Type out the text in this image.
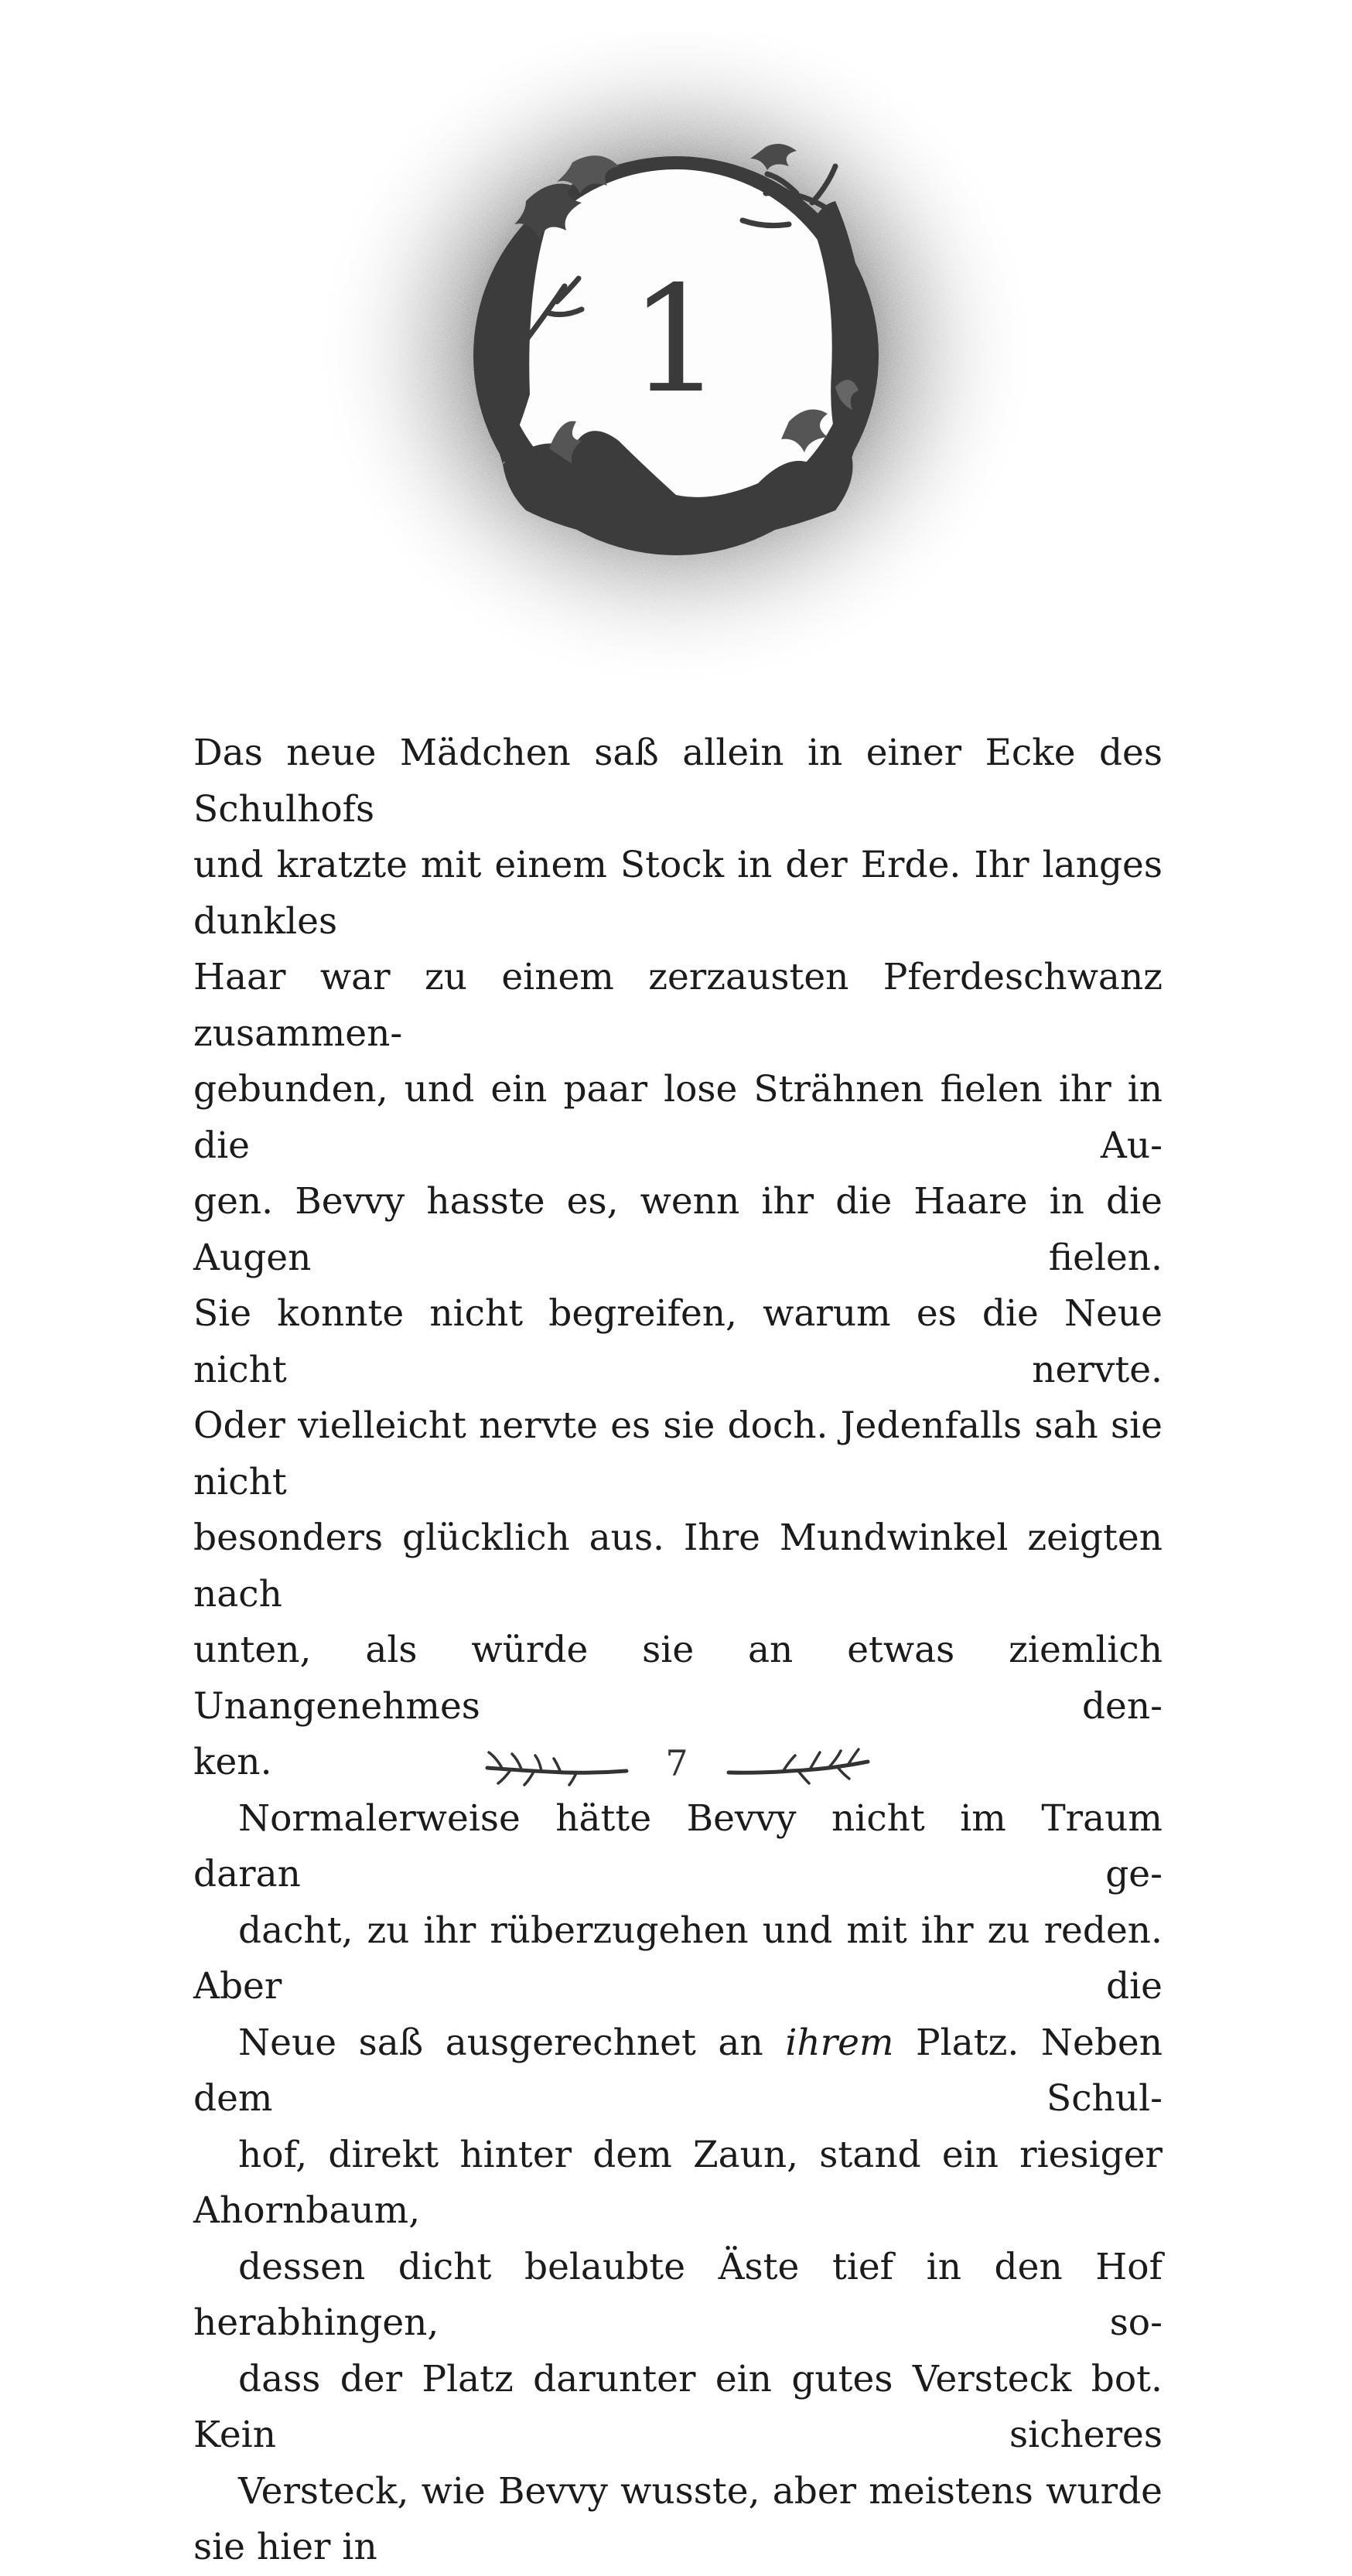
1

Das neue Mädchen saß allein in einer Ecke des Schulhofs
und kratzte mit einem Stock in der Erde. Ihr langes dunkles
Haar war zu einem zerzausten Pferdeschwanz zusammen-
gebunden, und ein paar lose Strähnen fielen ihr in die Au-
gen. Bevvy hasste es, wenn ihr die Haare in die Augen fielen.
Sie konnte nicht begreifen, warum es die Neue nicht nervte.
Oder vielleicht nervte es sie doch. Jedenfalls sah sie nicht
besonders glücklich aus. Ihre Mundwinkel zeigten nach
unten, als würde sie an etwas ziemlich Unangenehmes den-
ken.

Normalerweise hätte Bevvy nicht im Traum daran ge-
dacht, zu ihr rüberzugehen und mit ihr zu reden. Aber die
Neue saß ausgerechnet an ihrem Platz. Neben dem Schul-
hof, direkt hinter dem Zaun, stand ein riesiger Ahornbaum,
dessen dicht belaubte Äste tief in den Hof herabhingen, so-
dass der Platz darunter ein gutes Versteck bot. Kein sicheres
Versteck, wie Bevvy wusste, aber meistens wurde sie hier in

7
